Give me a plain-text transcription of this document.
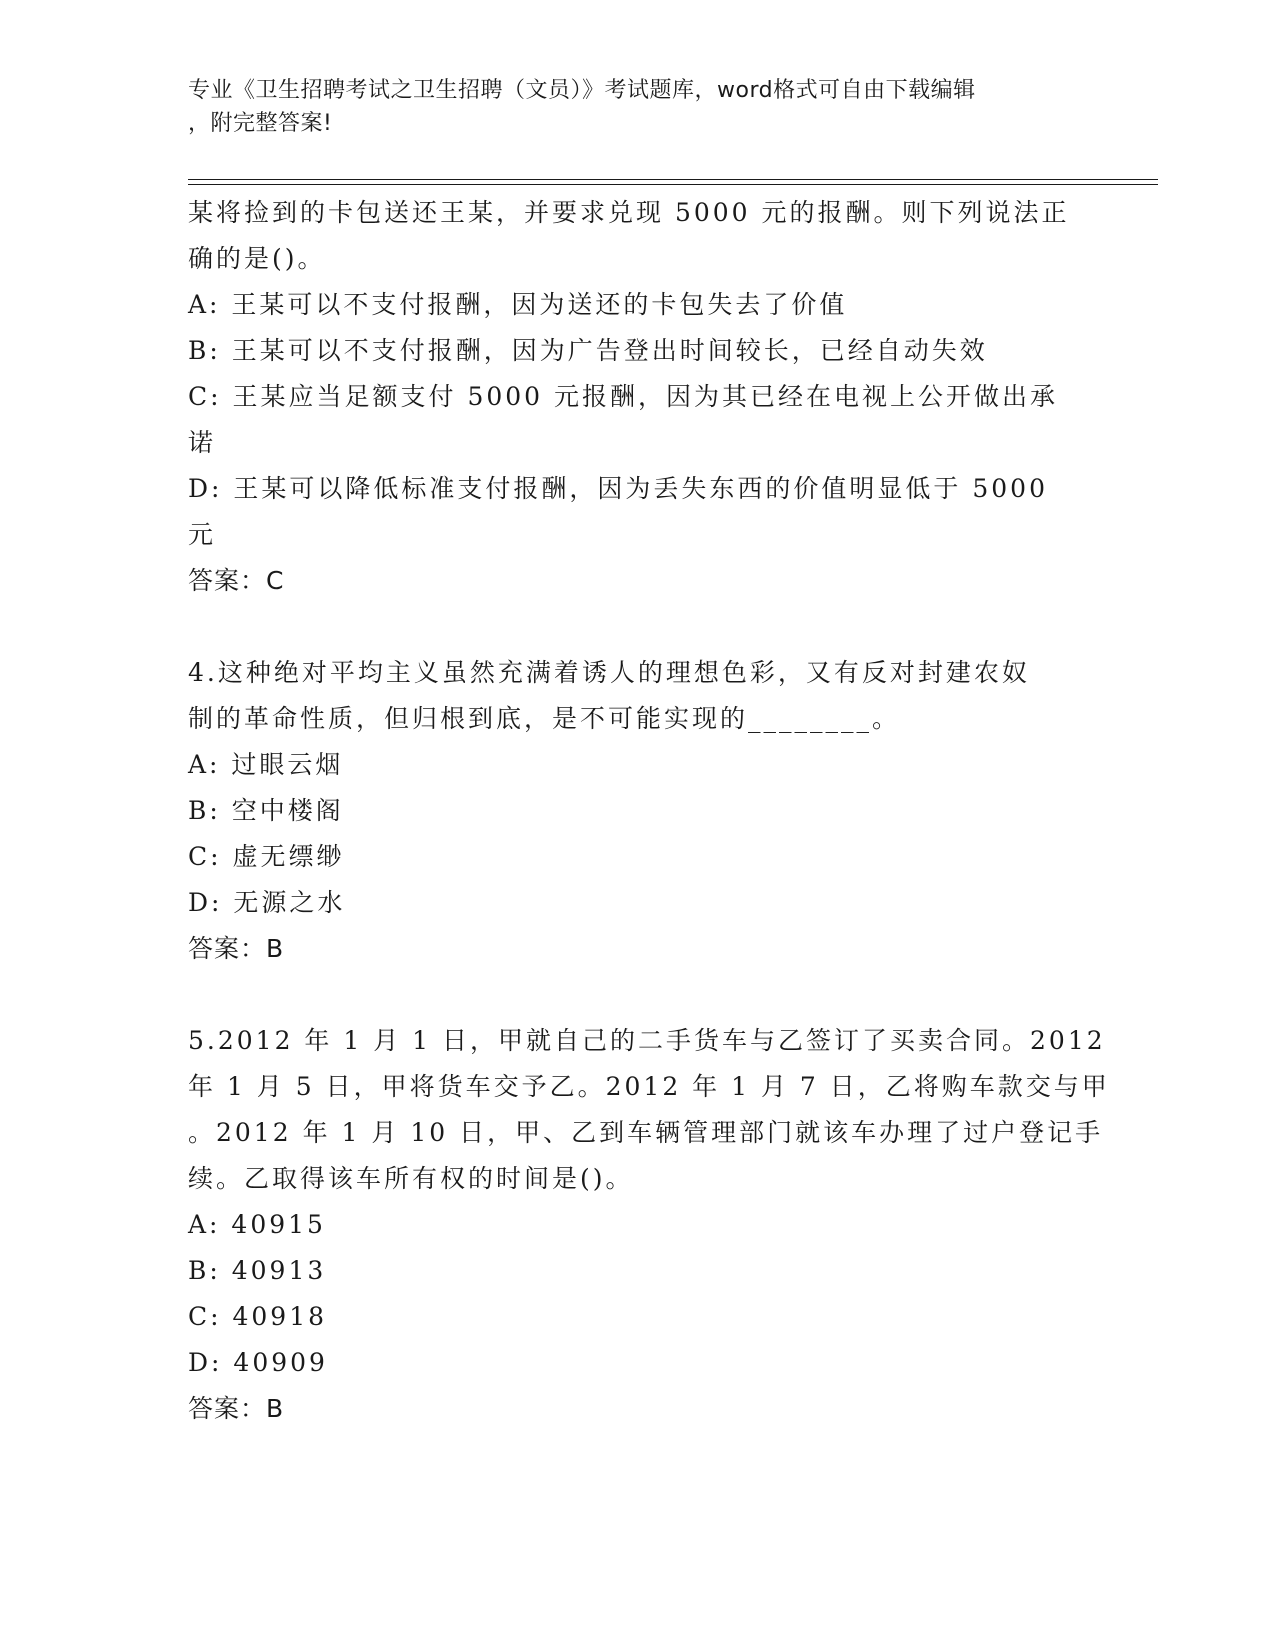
专业《卫生招聘考试之卫生招聘（文员）》考试题库，word格式可自由下载编辑
，附完整答案!

某将捡到的卡包送还王某，并要求兑现 5000 元的报酬。则下列说法正

确的是()。

A: 王某可以不支付报酬，因为送还的卡包失去了价值

B: 王某可以不支付报酬，因为广告登出时间较长，已经自动失效

C: 王某应当足额支付 5000 元报酬，因为其已经在电视上公开做出承

诺

D: 王某可以降低标准支付报酬，因为丢失东西的价值明显低于 5000

元

答案：C

4.这种绝对平均主义虽然充满着诱人的理想色彩，又有反对封建农奴

制的革命性质，但归根到底，是不可能实现的________。

A: 过眼云烟

B: 空中楼阁

C: 虚无缥缈

D: 无源之水

答案：B

5.2012 年 1 月 1 日，甲就自己的二手货车与乙签订了买卖合同。2012

年 1 月 5 日，甲将货车交予乙。2012 年 1 月 7 日，乙将购车款交与甲

。2012 年 1 月 10 日，甲、乙到车辆管理部门就该车办理了过户登记手

续。乙取得该车所有权的时间是()。

A: 40915

B: 40913

C: 40918

D: 40909

答案：B
